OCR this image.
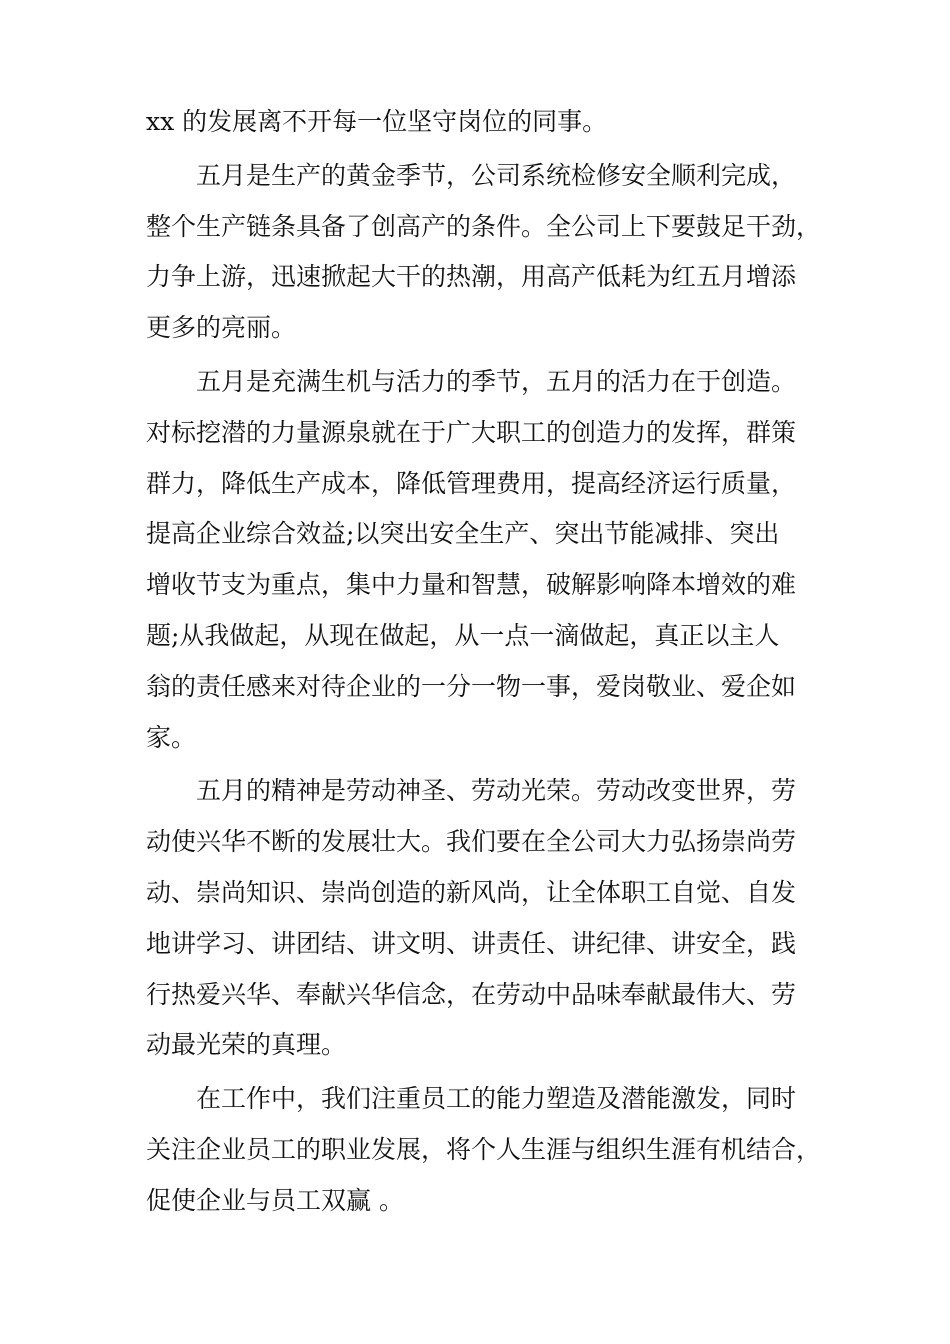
xx 的发展离不开每一位坚守岗位的同事。
五月是生产的黄金季节，公司系统检修安全顺利完成，
整个生产链条具备了创高产的条件。全公司上下要鼓足干劲，
力争上游，迅速掀起大干的热潮，用高产低耗为红五月增添
更多的亮丽。
五月是充满生机与活力的季节，五月的活力在于创造。
对标挖潜的力量源泉就在于广大职工的创造力的发挥，群策
群力，降低生产成本，降低管理费用，提高经济运行质量，
提高企业综合效益;以突出安全生产、突出节能减排、突出
增收节支为重点，集中力量和智慧，破解影响降本增效的难
题;从我做起，从现在做起，从一点一滴做起，真正以主人
翁的责任感来对待企业的一分一物一事，爱岗敬业、爱企如
家。
五月的精神是劳动神圣、劳动光荣。劳动改变世界，劳
动使兴华不断的发展壮大。我们要在全公司大力弘扬崇尚劳
动、崇尚知识、崇尚创造的新风尚，让全体职工自觉、自发
地讲学习、讲团结、讲文明、讲责任、讲纪律、讲安全，践
行热爱兴华、奉献兴华信念，在劳动中品味奉献最伟大、劳
动最光荣的真理。
在工作中，我们注重员工的能力塑造及潜能激发，同时
关注企业员工的职业发展，将个人生涯与组织生涯有机结合，
促使企业与员工双赢 。
